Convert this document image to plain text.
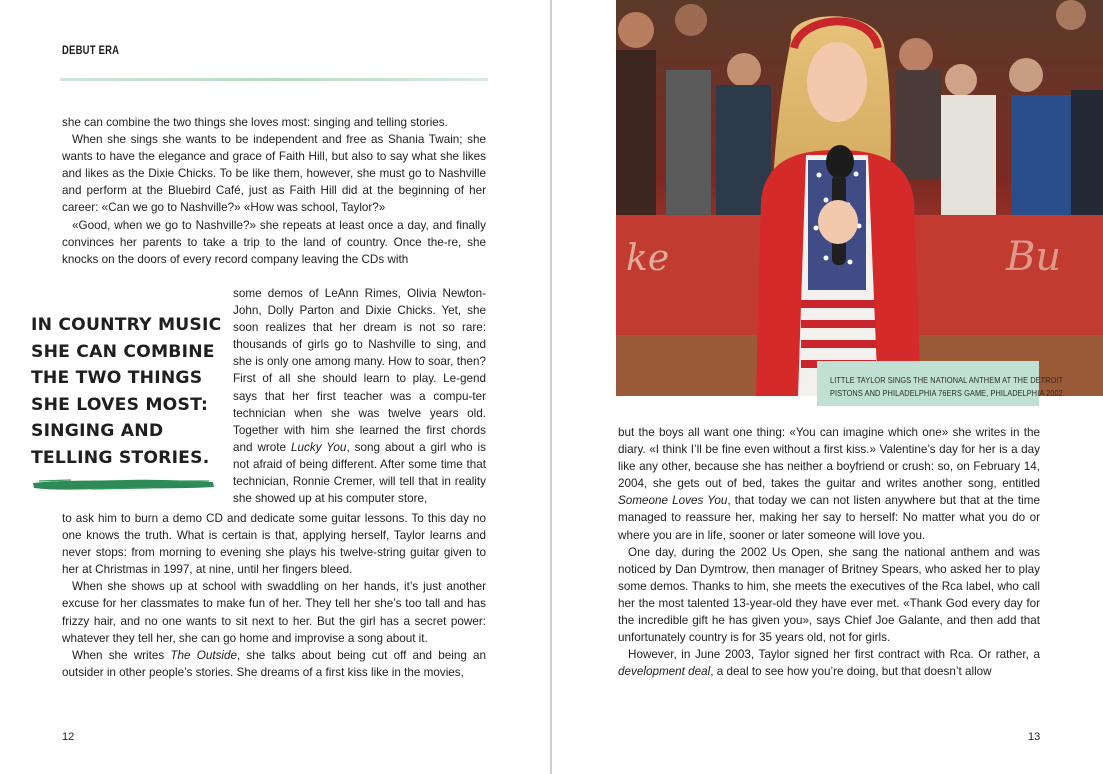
DEBUT ERA

she can combine the two things she loves most: singing and telling stories.

When she sings she wants to be independent and free as Shania Twain; she wants to have the elegance and grace of Faith Hill, but also to say what she likes and likes as the Dixie Chicks. To be like them, however, she must go to Nashville and perform at the Bluebird Café, just as Faith Hill did at the beginning of her career: «Can we go to Nashville?» «How was school, Taylor?»

«Good, when we go to Nashville?» she repeats at least once a day, and finally convinces her parents to take a trip to the land of country. Once the-re, she knocks on the doors of every record company leaving the CDs with

some demos of LeAnn Rimes, Olivia Newton-John, Dolly Parton and Dixie Chicks. Yet, she soon realizes that her dream is not so rare: thousands of girls go to Nashville to sing, and she is only one among many. How to soar, then? First of all she should learn to play. Le-gend says that her first teacher was a compu-ter technician when she was twelve years old. Together with him she learned the first chords and wrote Lucky You, song about a girl who is not afraid of being different. After some time that technician, Ronnie Cremer, will tell that in reality she showed up at his computer store,

to ask him to burn a demo CD and dedicate some guitar lessons. To this day no one knows the truth. What is certain is that, applying herself, Taylor learns and never stops: from morning to evening she plays his twelve-string guitar given to her at Christmas in 1997, at nine, until her fingers bleed.

When she shows up at school with swaddling on her hands, it’s just another excuse for her classmates to make fun of her. They tell her she’s too tall and has frizzy hair, and no one wants to sit next to her. But the girl has a secret power: whatever they tell her, she can go home and improvise a song about it.

When she writes The Outside, she talks about being cut off and being an outsider in other people’s stories. She dreams of a first kiss like in the movies,

IN COUNTRY MUSIC SHE CAN COMBINE THE TWO THINGS SHE LOVES MOST: SINGING AND TELLING STORIES.
12
ke	Bu
LITTLE TAYLOR SINGS THE NATIONAL ANTHEM AT THE DETROIT
PISTONS AND PHILADELPHIA 76ERS GAME, PHILADELPHIA 2002.

but the boys all want one thing: «You can imagine which one» she writes in the diary. «I think I’ll be fine even without a first kiss.» Valentine’s day for her is a day like any other, because she has neither a boyfriend or crush: so, on February 14, 2004, she gets out of bed, takes the guitar and writes another song, entitled Someone Loves You, that today we can not listen anywhere but that at the time managed to reassure her, making her say to herself: No matter what you do or where you are in life, sooner or later someone will love you.

One day, during the 2002 Us Open, she sang the national anthem and was noticed by Dan Dymtrow, then manager of Britney Spears, who asked her to play some demos. Thanks to him, she meets the executives of the Rca label, who call her the most talented 13-year-old they have ever met. «Thank God every day for the incredible gift he has given you», says Chief Joe Galante, and then add that unfortunately country is for 35 years old, not for girls.

However, in June 2003, Taylor signed her first contract with Rca. Or rather, a development deal, a deal to see how you’re doing, but that doesn’t allow

13
